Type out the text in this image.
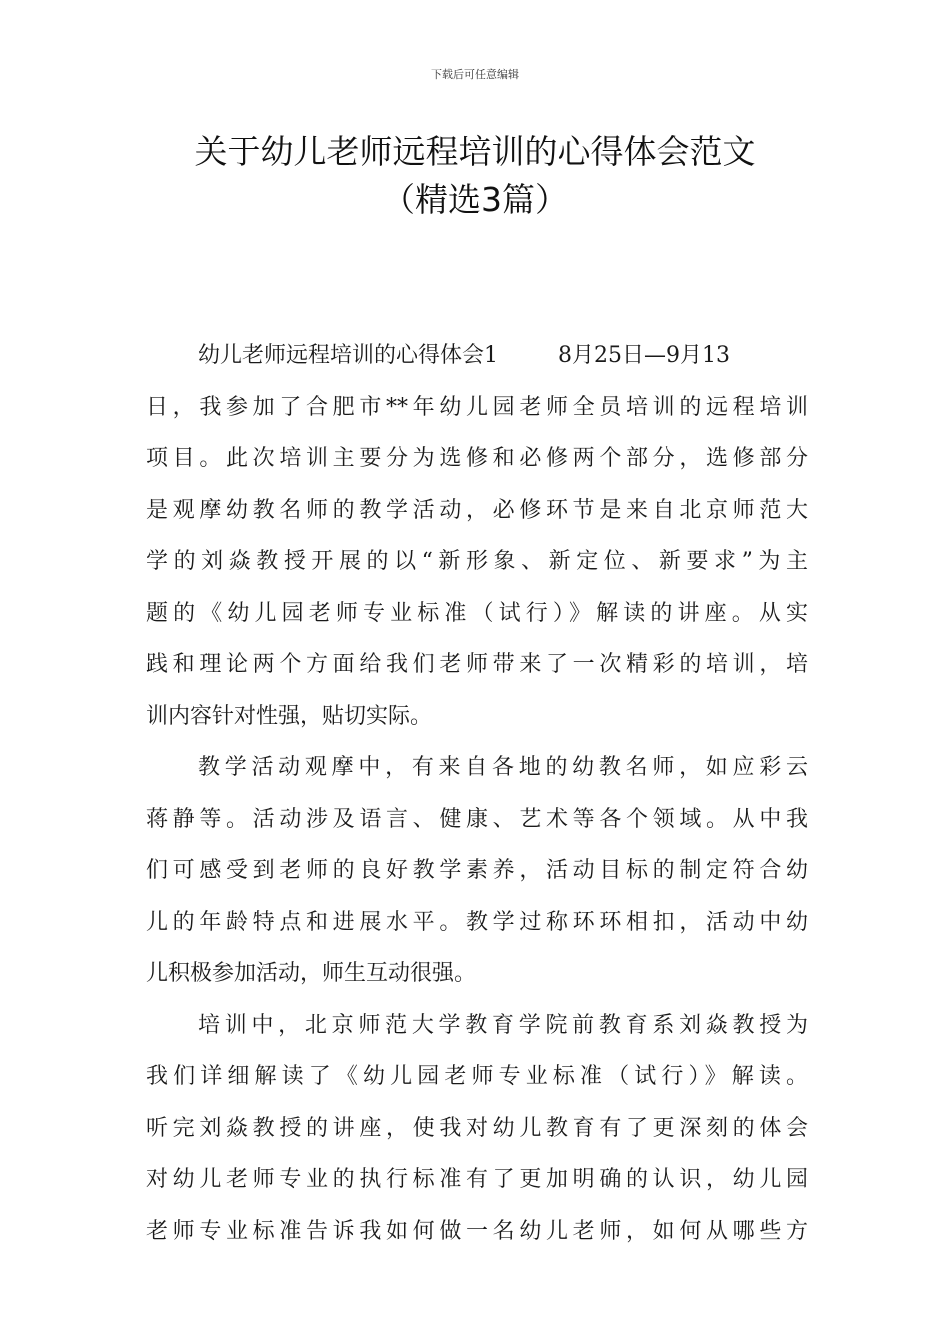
下载后可任意编辑
关于幼儿老师远程培训的心得体会范文
（精选3篇）
幼儿老师远程培训的心得体会1	8月25日—9月13
日，我参加了合肥市**年幼儿园老师全员培训的远程培训
项目。此次培训主要分为选修和必修两个部分，选修部分
是观摩幼教名师的教学活动，必修环节是来自北京师范大
学的刘焱教授开展的以“新形象、新定位、新要求”为主
题的《幼儿园老师专业标准（试行）》解读的讲座。从实
践和理论两个方面给我们老师带来了一次精彩的培训，培
训内容针对性强，贴切实际。
教学活动观摩中，有来自各地的幼教名师，如应彩云
蒋静等。活动涉及语言、健康、艺术等各个领域。从中我
们可感受到老师的良好教学素养，活动目标的制定符合幼
儿的年龄特点和进展水平。教学过称环环相扣，活动中幼
儿积极参加活动，师生互动很强。
培训中，北京师范大学教育学院前教育系刘焱教授为
我们详细解读了《幼儿园老师专业标准（试行）》解读。
听完刘焱教授的讲座，使我对幼儿教育有了更深刻的体会
对幼儿老师专业的执行标准有了更加明确的认识，幼儿园
老师专业标准告诉我如何做一名幼儿老师，如何从哪些方
